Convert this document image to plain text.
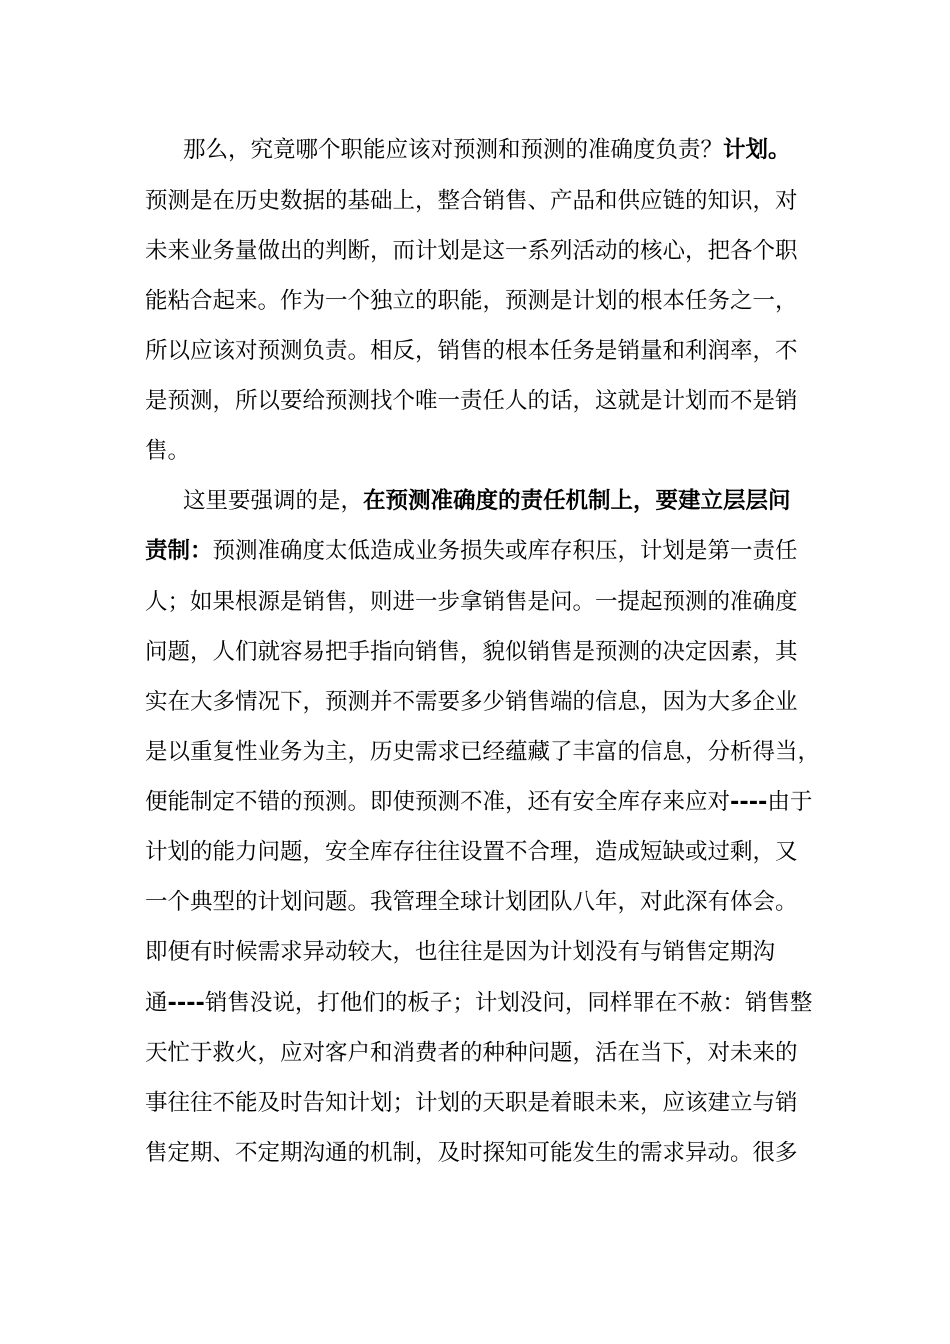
那么，究竟哪个职能应该对预测和预测的准确度负责？计划。
预测是在历史数据的基础上，整合销售、产品和供应链的知识，对
未来业务量做出的判断，而计划是这一系列活动的核心，把各个职
能粘合起来。作为一个独立的职能，预测是计划的根本任务之一，
所以应该对预测负责。相反，销售的根本任务是销量和利润率，不
是预测，所以要给预测找个唯一责任人的话，这就是计划而不是销
售。
这里要强调的是，在预测准确度的责任机制上，要建立层层问
责制：预测准确度太低造成业务损失或库存积压，计划是第一责任
人；如果根源是销售，则进一步拿销售是问。一提起预测的准确度
问题，人们就容易把手指向销售，貌似销售是预测的决定因素，其
实在大多情况下，预测并不需要多少销售端的信息，因为大多企业
是以重复性业务为主，历史需求已经蕴藏了丰富的信息，分析得当，
便能制定不错的预测。即使预测不准，还有安全库存来应对----由于
计划的能力问题，安全库存往往设置不合理，造成短缺或过剩，又
一个典型的计划问题。我管理全球计划团队八年，对此深有体会。
即便有时候需求异动较大，也往往是因为计划没有与销售定期沟
通----销售没说，打他们的板子；计划没问，同样罪在不赦：销售整
天忙于救火，应对客户和消费者的种种问题，活在当下，对未来的
事往往不能及时告知计划；计划的天职是着眼未来，应该建立与销
售定期、不定期沟通的机制，及时探知可能发生的需求异动。很多
